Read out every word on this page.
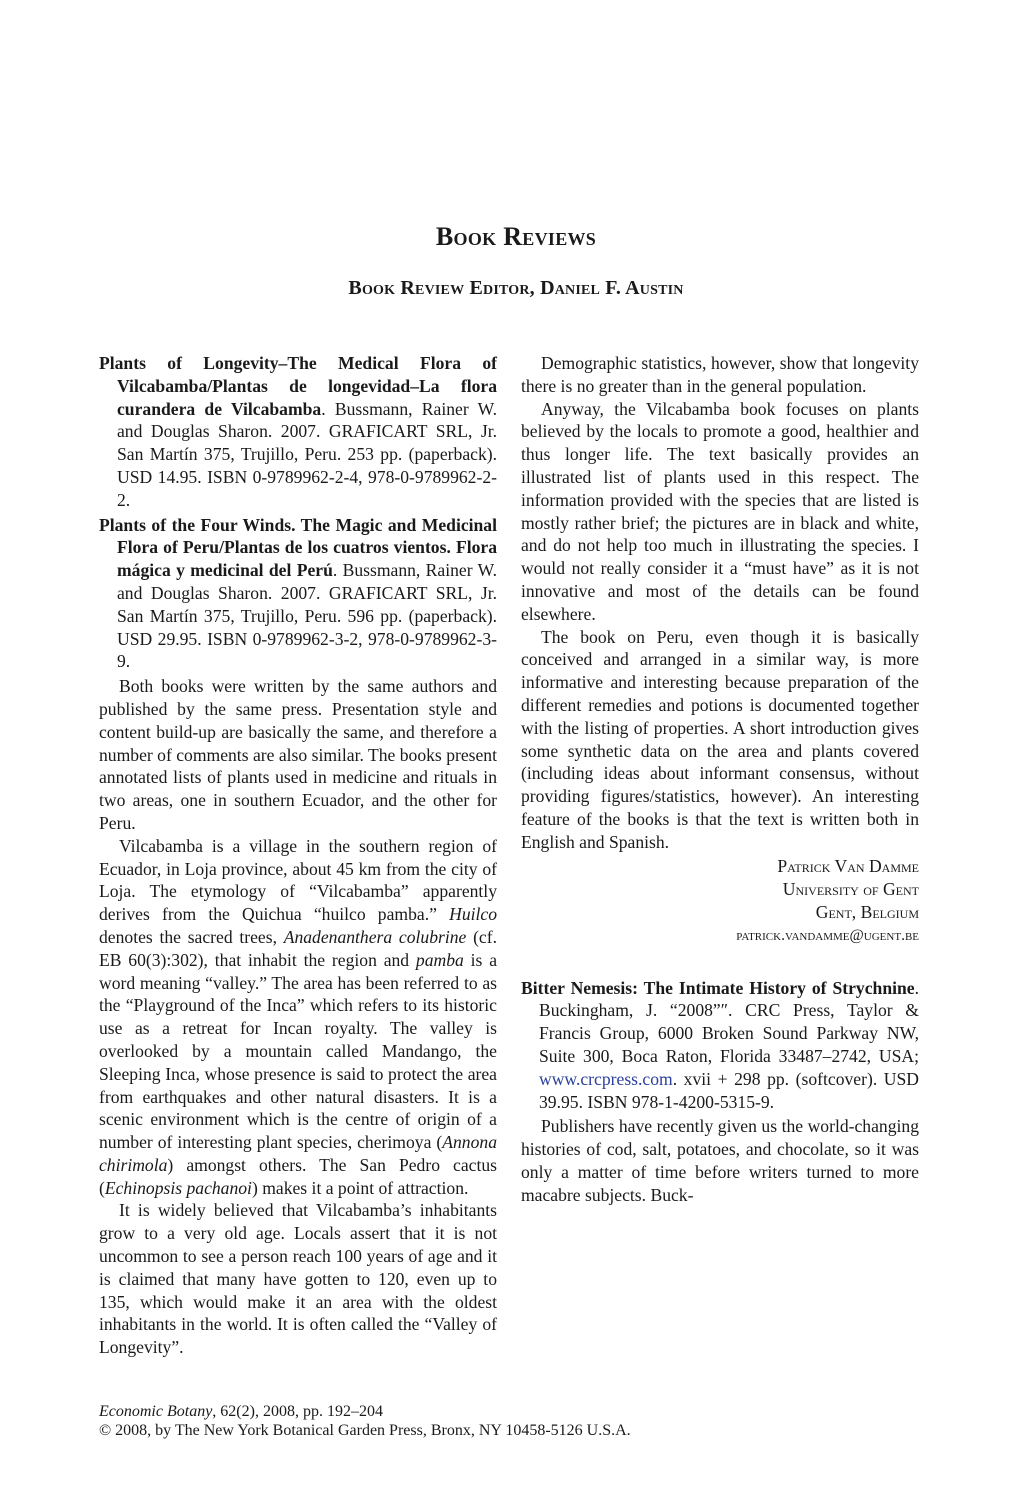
Book Reviews
Book Review Editor, Daniel F. Austin
Plants of Longevity–The Medical Flora of Vilcabamba/Plantas de longevidad–La flora curandera de Vilcabamba. Bussmann, Rainer W. and Douglas Sharon. 2007. GRAFICART SRL, Jr. San Martín 375, Trujillo, Peru. 253 pp. (paperback). USD 14.95. ISBN 0-9789962-2-4, 978-0-9789962-2-2.
Plants of the Four Winds. The Magic and Medicinal Flora of Peru/Plantas de los cuatros vientos. Flora mágica y medicinal del Perú. Bussmann, Rainer W. and Douglas Sharon. 2007. GRAFICART SRL, Jr. San Martín 375, Trujillo, Peru. 596 pp. (paperback). USD 29.95. ISBN 0-9789962-3-2, 978-0-9789962-3-9.

Both books were written by the same authors and published by the same press. Presentation style and content build-up are basically the same, and therefore a number of comments are also similar. The books present annotated lists of plants used in medicine and rituals in two areas, one in southern Ecuador, and the other for Peru.

Vilcabamba is a village in the southern region of Ecuador, in Loja province, about 45 km from the city of Loja. The etymology of “Vilcabamba” apparently derives from the Quichua “huilco pamba.” Huilco denotes the sacred trees, Anadenanthera colubrine (cf. EB 60(3):302), that inhabit the region and pamba is a word meaning “valley.” The area has been referred to as the “Playground of the Inca” which refers to its historic use as a retreat for Incan royalty. The valley is overlooked by a mountain called Mandango, the Sleeping Inca, whose presence is said to protect the area from earthquakes and other natural disasters. It is a scenic environment which is the centre of origin of a number of interesting plant species, cherimoya (Annona chirimola) amongst others. The San Pedro cactus (Echinopsis pachanoi) makes it a point of attraction.

It is widely believed that Vilcabamba’s inhabitants grow to a very old age. Locals assert that it is not uncommon to see a person reach 100 years of age and it is claimed that many have gotten to 120, even up to 135, which would make it an area with the oldest inhabitants in the world. It is often called the “Valley of Longevity”.

Demographic statistics, however, show that longevity there is no greater than in the general population.

Anyway, the Vilcabamba book focuses on plants believed by the locals to promote a good, healthier and thus longer life. The text basically provides an illustrated list of plants used in this respect. The information provided with the species that are listed is mostly rather brief; the pictures are in black and white, and do not help too much in illustrating the species. I would not really consider it a “must have” as it is not innovative and most of the details can be found elsewhere.

The book on Peru, even though it is basically conceived and arranged in a similar way, is more informative and interesting because preparation of the different remedies and potions is documented together with the listing of properties. A short introduction gives some synthetic data on the area and plants covered (including ideas about informant consensus, without providing figures/statistics, however). An interesting feature of the books is that the text is written both in English and Spanish.

Patrick Van Damme

University of Gent

Gent, Belgium

patrick.vandamme@ugent.be

Bitter Nemesis: The Intimate History of Strychnine. Buckingham, J. “2008”″. CRC Press, Taylor & Francis Group, 6000 Broken Sound Parkway NW, Suite 300, Boca Raton, Florida 33487–2742, USA; www.crcpress.com. xvii + 298 pp. (softcover). USD 39.95. ISBN 978-1-4200-5315-9.

Publishers have recently given us the world-changing histories of cod, salt, potatoes, and chocolate, so it was only a matter of time before writers turned to more macabre subjects. Buck-

Economic Botany, 62(2), 2008, pp. 192–204
© 2008, by The New York Botanical Garden Press, Bronx, NY 10458-5126 U.S.A.
